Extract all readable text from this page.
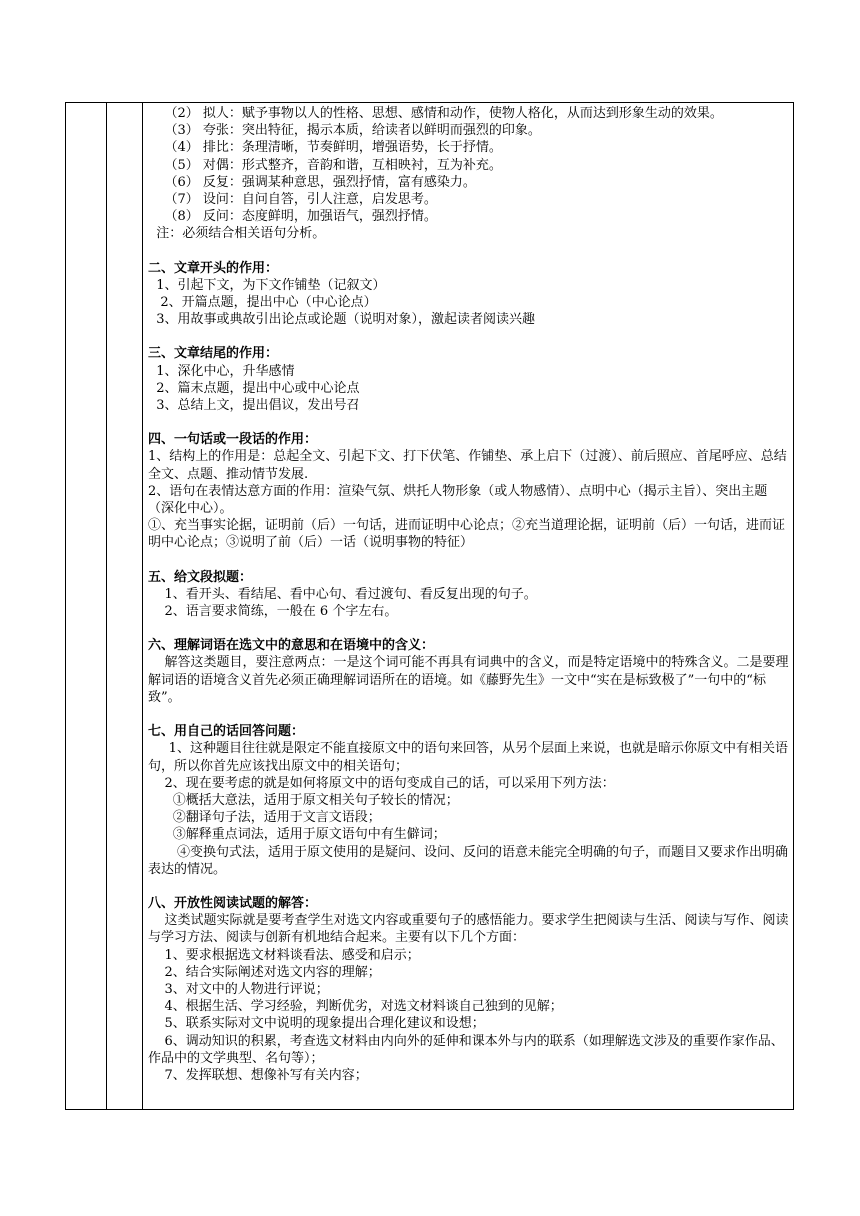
（2） 拟人：赋予事物以人的性格、思想、感情和动作，使物人格化，从而达到形象生动的效果。

（3） 夸张：突出特征，揭示本质，给读者以鲜明而强烈的印象。

（4） 排比：条理清晰，节奏鲜明，增强语势，长于抒情。

（5） 对偶：形式整齐，音韵和谐，互相映衬，互为补充。

（6） 反复：强调某种意思，强烈抒情，富有感染力。

（7） 设问：自问自答，引人注意，启发思考。

（8） 反问：态度鲜明，加强语气，强烈抒情。

注：必须结合相关语句分析。

二、文章开头的作用：

1、引起下文，为下文作铺垫（记叙文）

2、开篇点题，提出中心（中心论点）

3、用故事或典故引出论点或论题（说明对象），激起读者阅读兴趣

三、文章结尾的作用：

1、深化中心，升华感情

2、篇末点题，提出中心或中心论点

3、总结上文，提出倡议，发出号召

四、一句话或一段话的作用：

1、结构上的作用是：总起全文、引起下文、打下伏笔、作铺垫、承上启下（过渡）、前后照应、首尾呼应、总结全文、点题、推动情节发展.

2、语句在表情达意方面的作用：渲染气氛、烘托人物形象（或人物感情）、点明中心（揭示主旨）、突出主题（深化中心）。

①、充当事实论据，证明前（后）一句话，进而证明中心论点；②充当道理论据，证明前（后）一句话，进而证明中心论点；③说明了前（后）一话（说明事物的特征）

五、给文段拟题：

1、看开头、看结尾、看中心句、看过渡句、看反复出现的句子。

2、语言要求简练，一般在 6 个字左右。

六、理解词语在选文中的意思和在语境中的含义：

解答这类题目，要注意两点：一是这个词可能不再具有词典中的含义，而是特定语境中的特殊含义。二是要理解词语的语境含义首先必须正确理解词语所在的语境。如《藤野先生》一文中“实在是标致极了”一句中的“标致”。

七、用自己的话回答问题：

1、这种题目往往就是限定不能直接原文中的语句来回答，从另个层面上来说，也就是暗示你原文中有相关语句，所以你首先应该找出原文中的相关语句；

2、现在要考虑的就是如何将原文中的语句变成自己的话，可以采用下列方法：

①概括大意法，适用于原文相关句子较长的情况；

②翻译句子法，适用于文言文语段；

③解释重点词法，适用于原文语句中有生僻词；

④变换句式法，适用于原文使用的是疑问、设问、反问的语意未能完全明确的句子，而题目又要求作出明确表达的情况。

八、开放性阅读试题的解答：

这类试题实际就是要考查学生对选文内容或重要句子的感悟能力。要求学生把阅读与生活、阅读与写作、阅读与学习方法、阅读与创新有机地结合起来。主要有以下几个方面：

1、要求根据选文材料谈看法、感受和启示；

2、结合实际阐述对选文内容的理解；

3、对文中的人物进行评说；

4、根据生活、学习经验，判断优劣，对选文材料谈自己独到的见解；

5、联系实际对文中说明的现象提出合理化建议和设想；

6、调动知识的积累，考查选文材料由内向外的延伸和课本外与内的联系（如理解选文涉及的重要作家作品、作品中的文学典型、名句等）；

7、发挥联想、想像补写有关内容；
